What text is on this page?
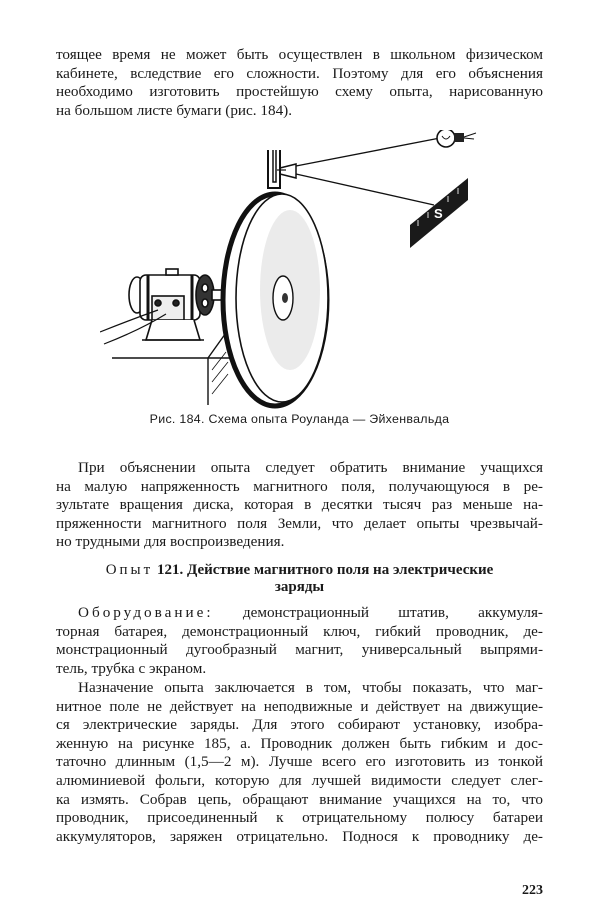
тоящее время не может быть осуществлен в школьном физическом
кабинете, вследствие его сложности. Поэтому для его объяснения
необходимо изготовить простейшую схему опыта, нарисованную
на большом листе бумаги (рис. 184).
S
Рис. 184. Схема опыта Роуланда — Эйхенвальда
При объяснении опыта следует обратить внимание учащихся
на малую напряженность магнитного поля, получающуюся в ре-
зультате вращения диска, которая в десятки тысяч раз меньше на-
пряженности магнитного поля Земли, что делает опыты чрезвычай-
но трудными для воспроизведения.
Опыт 121. Действие магнитного поля на электрические
заряды
Оборудование: демонстрационный штатив, аккумуля-
торная батарея, демонстрационный ключ, гибкий проводник, де-
монстрационный дугообразный магнит, универсальный выпрями-
тель, трубка с экраном.
Назначение опыта заключается в том, чтобы показать, что маг-
нитное поле не действует на неподвижные и действует на движущие-
ся электрические заряды. Для этого собирают установку, изобра-
женную на рисунке 185, а. Проводник должен быть гибким и дос-
таточно длинным (1,5—2 м). Лучше всего его изготовить из тонкой
алюминиевой фольги, которую для лучшей видимости следует слег-
ка измять. Собрав цепь, обращают внимание учащихся на то, что
проводник, присоединенный к отрицательному полюсу батареи
аккумуляторов, заряжен отрицательно. Поднося к проводнику де-
223
